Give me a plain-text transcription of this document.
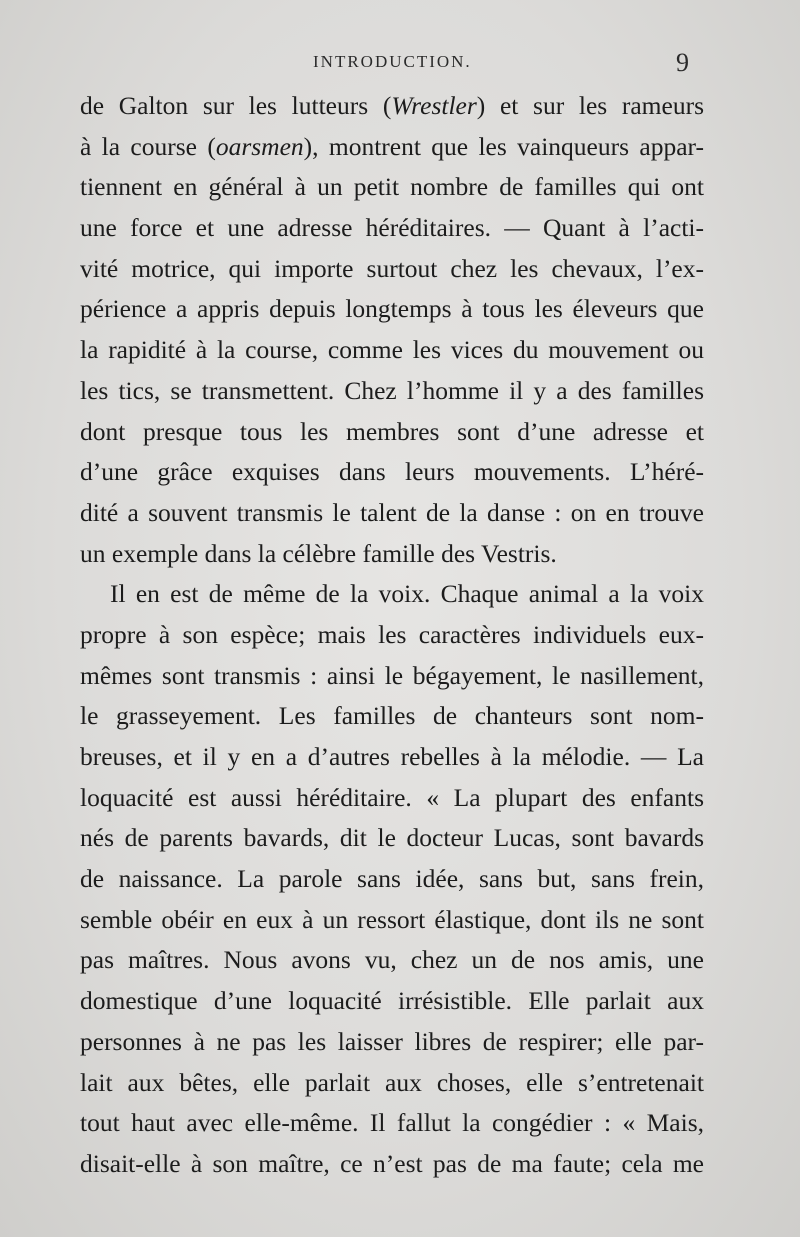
INTRODUCTION.	9
de Galton sur les lutteurs (Wrestler) et sur les rameurs
à la course (oarsmen), montrent que les vainqueurs appar-
tiennent en général à un petit nombre de familles qui ont
une force et une adresse héréditaires. — Quant à l’acti-
vité motrice, qui importe surtout chez les chevaux, l’ex-
périence a appris depuis longtemps à tous les éleveurs que
la rapidité à la course, comme les vices du mouvement ou
les tics, se transmettent. Chez l’homme il y a des familles
dont presque tous les membres sont d’une adresse et
d’une grâce exquises dans leurs mouvements. L’héré-
dité a souvent transmis le talent de la danse : on en trouve
un exemple dans la célèbre famille des Vestris.
Il en est de même de la voix. Chaque animal a la voix
propre à son espèce; mais les caractères individuels eux-
mêmes sont transmis : ainsi le bégayement, le nasillement,
le grasseyement. Les familles de chanteurs sont nom-
breuses, et il y en a d’autres rebelles à la mélodie. — La
loquacité est aussi héréditaire. « La plupart des enfants
nés de parents bavards, dit le docteur Lucas, sont bavards
de naissance. La parole sans idée, sans but, sans frein,
semble obéir en eux à un ressort élastique, dont ils ne sont
pas maîtres. Nous avons vu, chez un de nos amis, une
domestique d’une loquacité irrésistible. Elle parlait aux
personnes à ne pas les laisser libres de respirer; elle par-
lait aux bêtes, elle parlait aux choses, elle s’entretenait
tout haut avec elle-même. Il fallut la congédier : « Mais,
disait-elle à son maître, ce n’est pas de ma faute; cela me
